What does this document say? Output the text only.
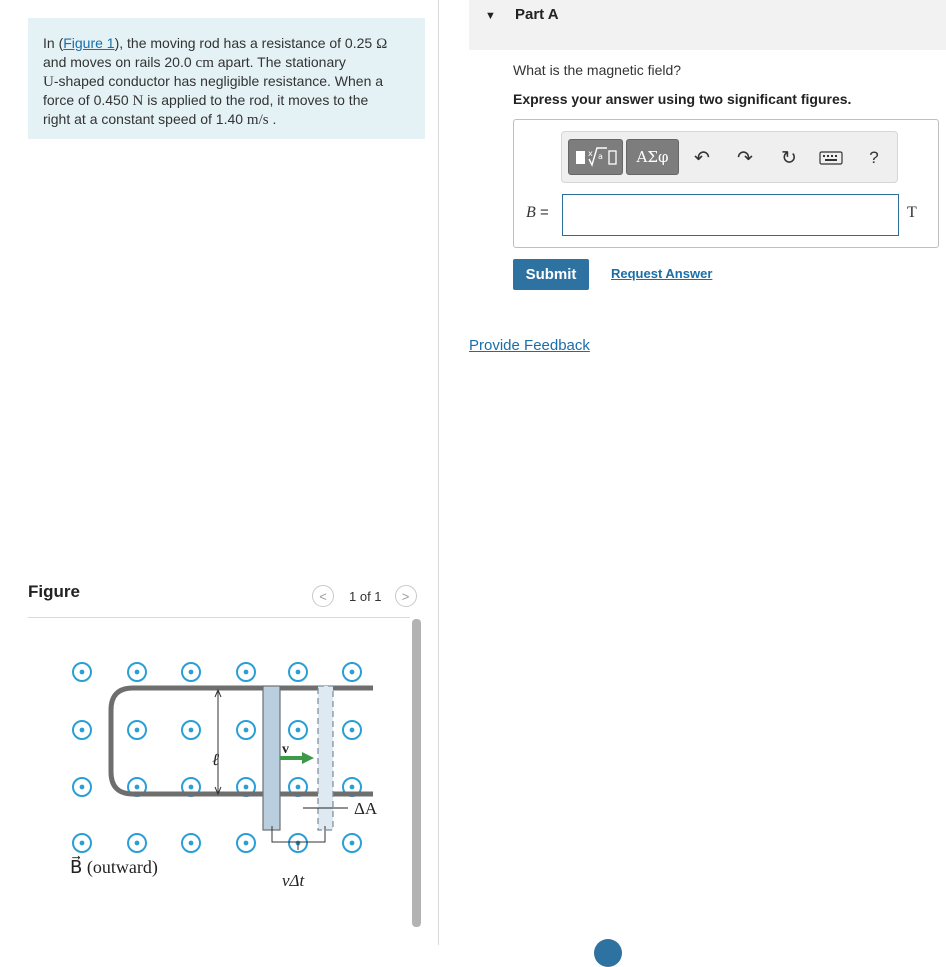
In (Figure 1), the moving rod has a resistance of 0.25 Ω
and moves on rails 20.0 cm apart. The stationary
U-shaped conductor has negligible resistance. When a
force of 0.450 N is applied to the rod, it moves to the
right at a constant speed of 1.40 m/s .
Figure	<	1 of 1	>
ℓ
v⃗
ΔA
vΔt
B⃗ (outward)
▼ Part A
What is the magnetic field?
Express your answer using two significant figures.
x a	ΑΣφ	↶ ↷ ↻	?
B =	T
Submit	Request Answer
Provide Feedback
